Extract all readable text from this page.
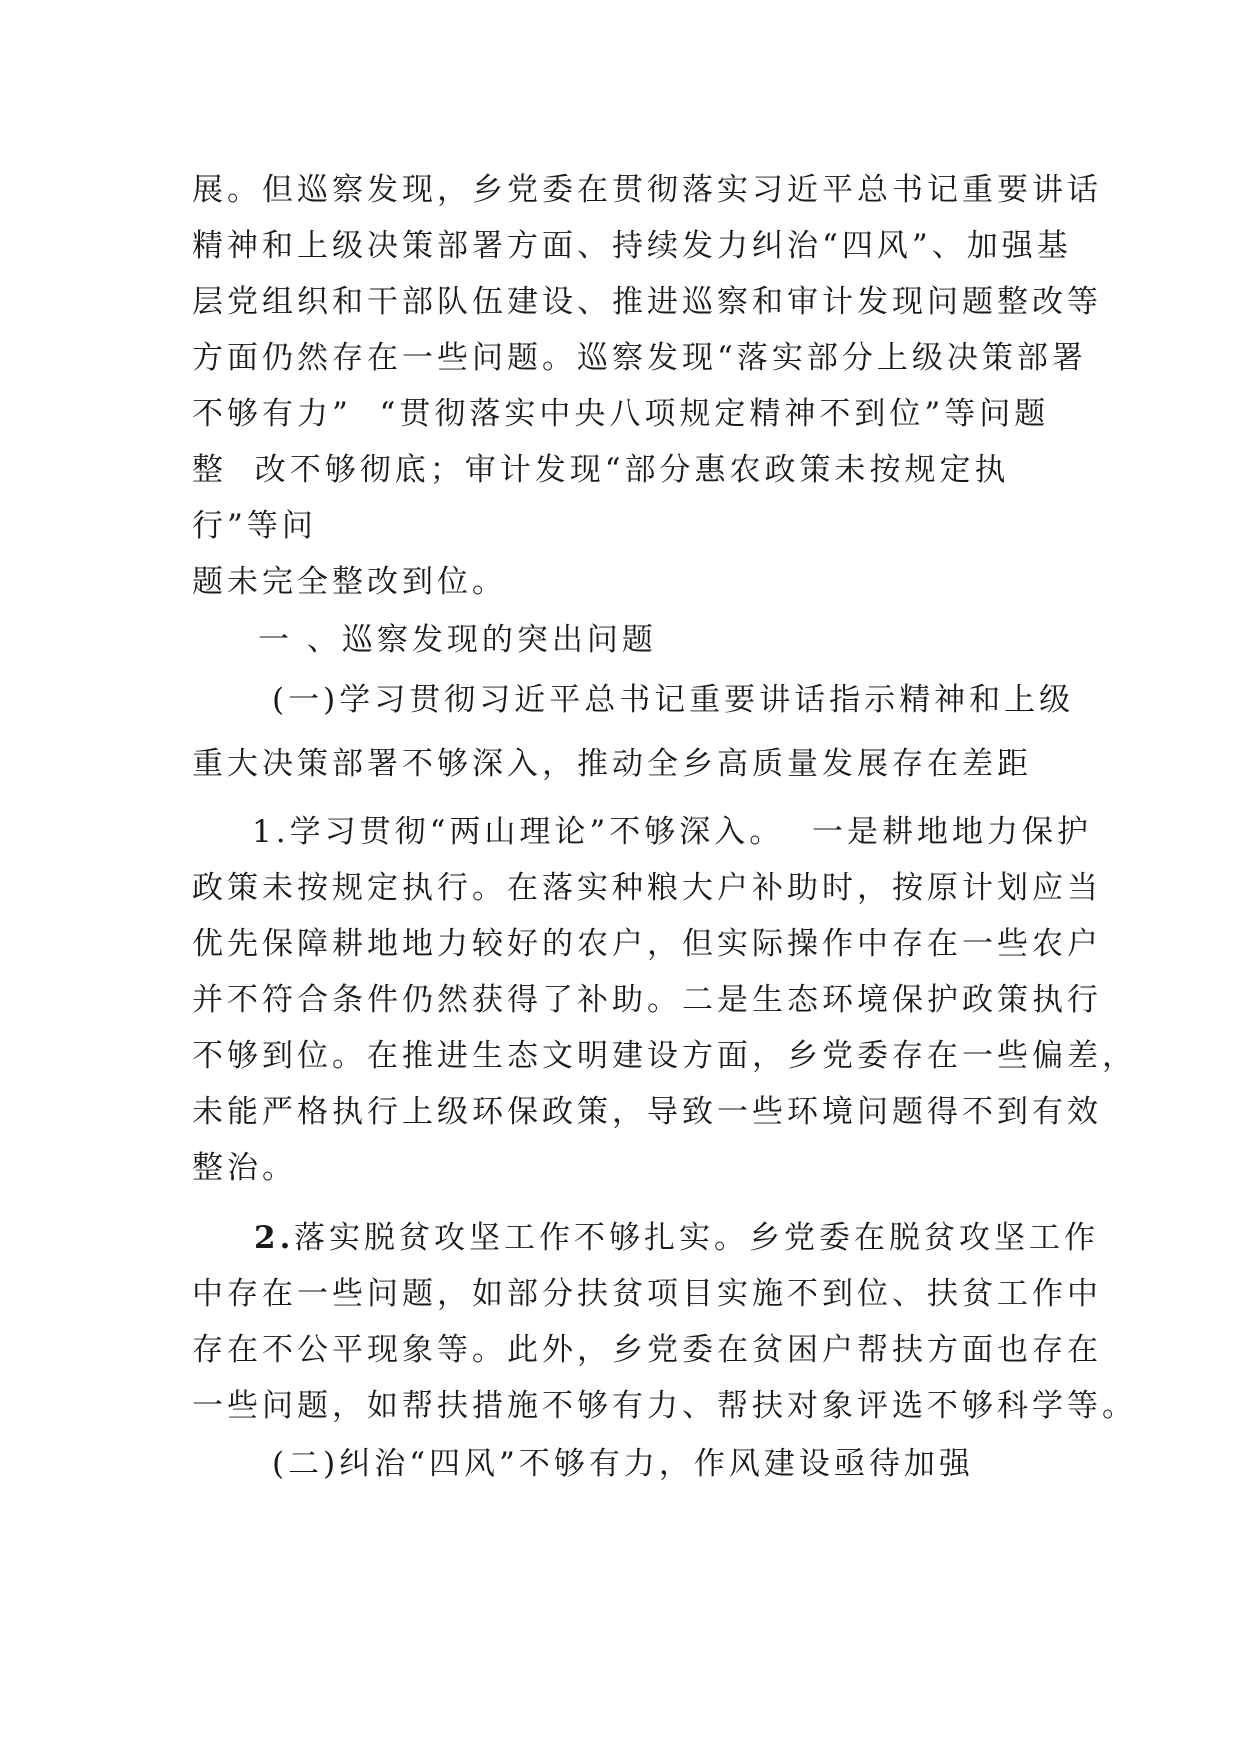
展。但巡察发现，乡党委在贯彻落实习近平总书记重要讲话
精神和上级决策部署方面、持续发力纠治“四风”、加强基
层党组织和干部队伍建设、推进巡察和审计发现问题整改等
方面仍然存在一些问题。巡察发现“落实部分上级决策部署
不够有力”  “贯彻落实中央八项规定精神不到位”等问题
整  改不够彻底；审计发现“部分惠农政策未按规定执
行”等问
题未完全整改到位。
一 、巡察发现的突出问题
(一)学习贯彻习近平总书记重要讲话指示精神和上级
重大决策部署不够深入，推动全乡高质量发展存在差距
1.学习贯彻“两山理论”不够深入。  一是耕地地力保护
政策未按规定执行。在落实种粮大户补助时，按原计划应当
优先保障耕地地力较好的农户，但实际操作中存在一些农户
并不符合条件仍然获得了补助。二是生态环境保护政策执行
不够到位。在推进生态文明建设方面，乡党委存在一些偏差，
未能严格执行上级环保政策，导致一些环境问题得不到有效
整治。
2. 落实脱贫攻坚工作不够扎实。乡党委在脱贫攻坚工作
中存在一些问题，如部分扶贫项目实施不到位、扶贫工作中
存在不公平现象等。此外，乡党委在贫困户帮扶方面也存在
一些问题，如帮扶措施不够有力、帮扶对象评选不够科学等。
(二)纠治“四风”不够有力，作风建设亟待加强
